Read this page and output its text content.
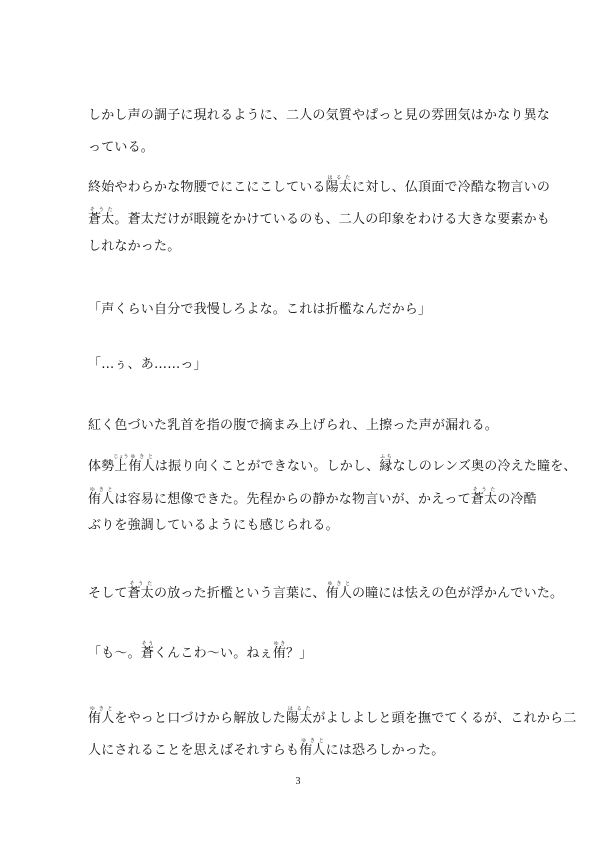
しかし声の調子に現れるように、二人の気質やぱっと見の雰囲気はかなり異な
っている。
終始やわらかな物腰でにこにこしている陽太はるたに対し、仏頂面で冷酷な物言いの
蒼太そうた。蒼太だけが眼鏡をかけているのも、二人の印象をわける大きな要素かも
しれなかった。
「声くらい自分で我慢しろよな。これは折檻なんだから」
「…ぅ、あ……っ」
紅く色づいた乳首を指の腹で摘まみ上げられ、上擦った声が漏れる。
体勢上じょう侑人ゆきとは振り向くことができない。しかし、縁ふちなしのレンズ奥の冷えた瞳を、
侑人ゆきとは容易に想像できた。先程からの静かな物言いが、かえって蒼太そうたの冷酷
ぶりを強調しているようにも感じられる。
そして蒼太そうたの放った折檻という言葉に、侑人ゆきとの瞳には怯えの色が浮かんでいた。
「も〜。蒼そうくんこわ〜い。ねぇ侑ゆき？」
侑人ゆきとをやっと口づけから解放した陽太はるたがよしよしと頭を撫でてくるが、これから二
人にされることを思えばそれすらも侑人ゆきとには恐ろしかった。
3
